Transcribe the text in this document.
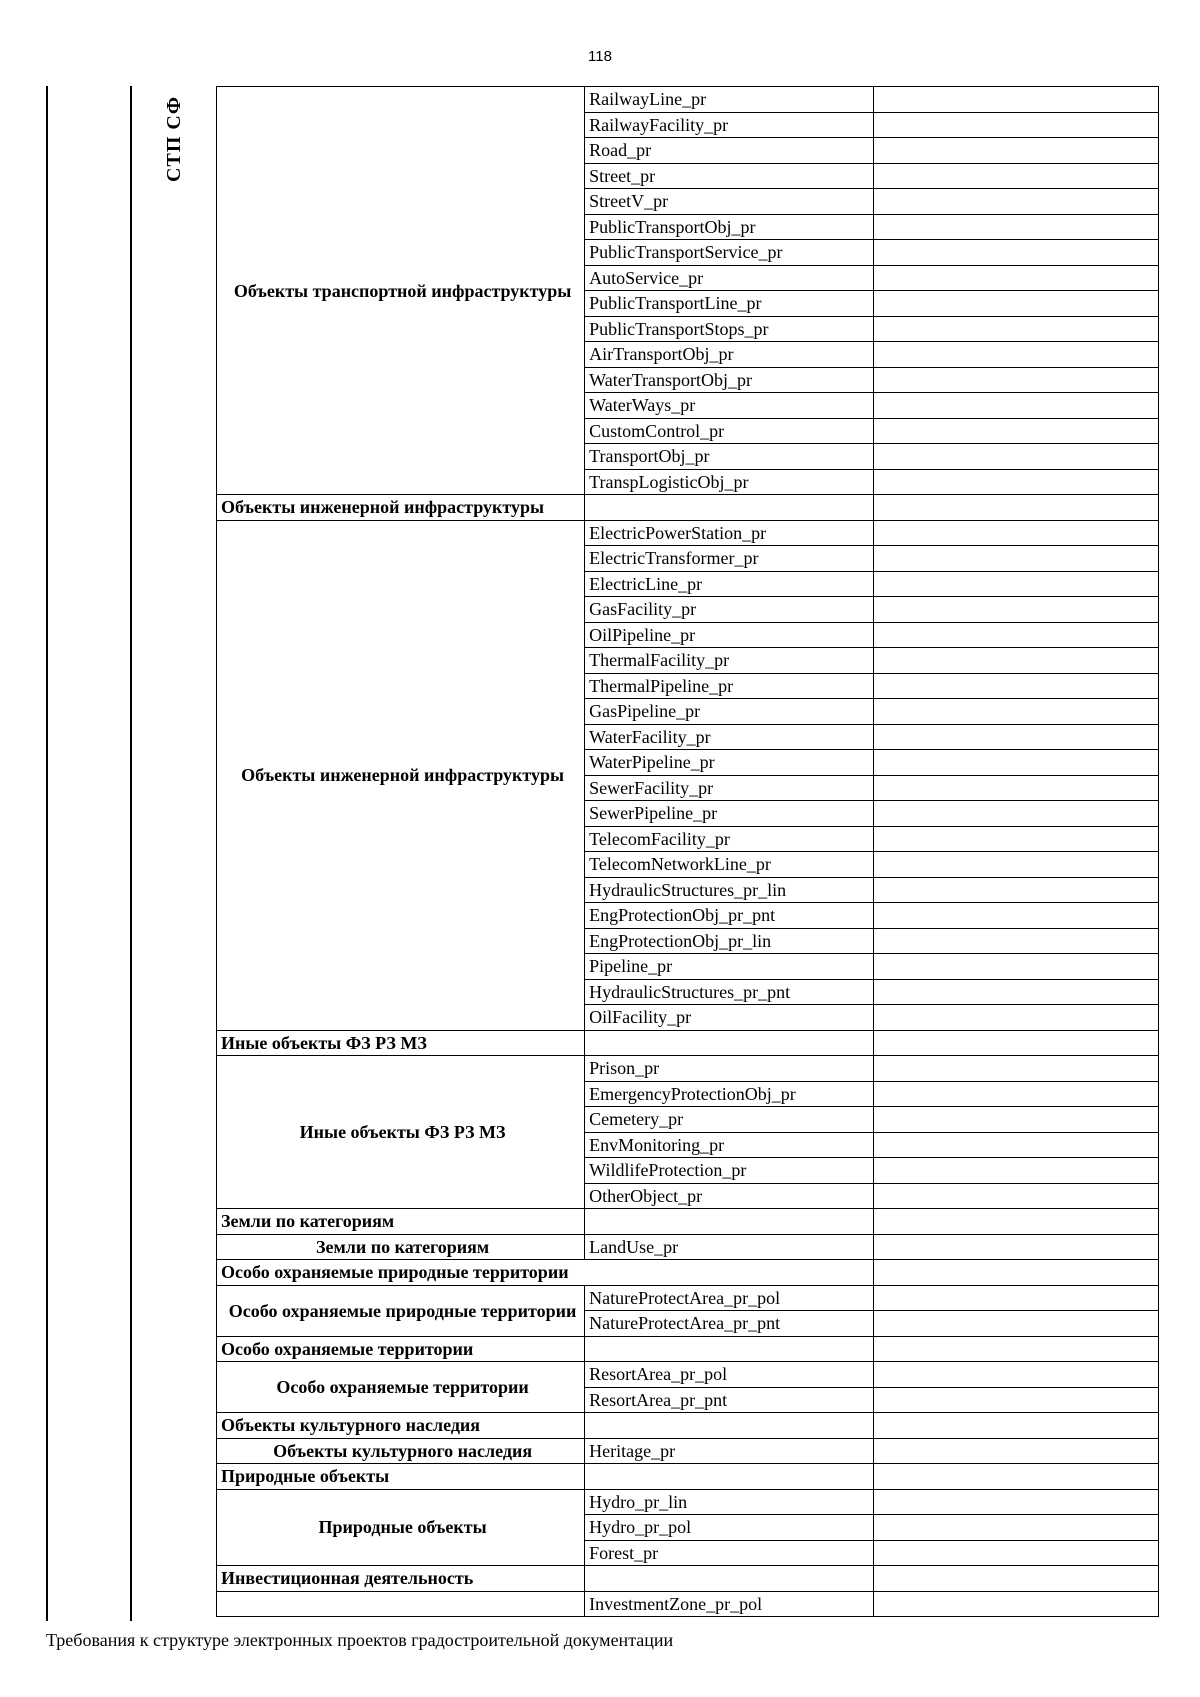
118
СТП СФ
Объекты транспортной инфраструктуры	RailwayLine_pr	
	RailwayFacility_pr	
	Road_pr	
	Street_pr	
	StreetV_pr	
	PublicTransportObj_pr	
	PublicTransportService_pr	
	AutoService_pr	
	PublicTransportLine_pr	
	PublicTransportStops_pr	
	AirTransportObj_pr	
	WaterTransportObj_pr	
	WaterWays_pr	
	CustomControl_pr	
	TransportObj_pr	
	TranspLogisticObj_pr	
Объекты инженерной инфраструктуры		
Объекты инженерной инфраструктуры	ElectricPowerStation_pr	
	ElectricTransformer_pr	
	ElectricLine_pr	
	GasFacility_pr	
	OilPipeline_pr	
	ThermalFacility_pr	
	ThermalPipeline_pr	
	GasPipeline_pr	
	WaterFacility_pr	
	WaterPipeline_pr	
	SewerFacility_pr	
	SewerPipeline_pr	
	TelecomFacility_pr	
	TelecomNetworkLine_pr	
	HydraulicStructures_pr_lin	
	EngProtectionObj_pr_pnt	
	EngProtectionObj_pr_lin	
	Pipeline_pr	
	HydraulicStructures_pr_pnt	
	OilFacility_pr	
Иные объекты ФЗ РЗ МЗ		
Иные объекты ФЗ РЗ МЗ	Prison_pr	
	EmergencyProtectionObj_pr	
	Cemetery_pr	
	EnvMonitoring_pr	
	WildlifeProtection_pr	
	OtherObject_pr	
Земли по категориям		
Земли по категориям	LandUse_pr	
Особо охраняемые природные территории		
Особо охраняемые природные территории	NatureProtectArea_pr_pol	
	NatureProtectArea_pr_pnt	
Особо охраняемые территории		
Особо охраняемые территории	ResortArea_pr_pol	
	ResortArea_pr_pnt	
Объекты культурного наследия		
Объекты культурного наследия	Heritage_pr	
Природные объекты		
Природные объекты	Hydro_pr_lin	
	Hydro_pr_pol	
	Forest_pr	
Инвестиционная деятельность		
	InvestmentZone_pr_pol	
Требования к структуре электронных проектов градостроительной документации
